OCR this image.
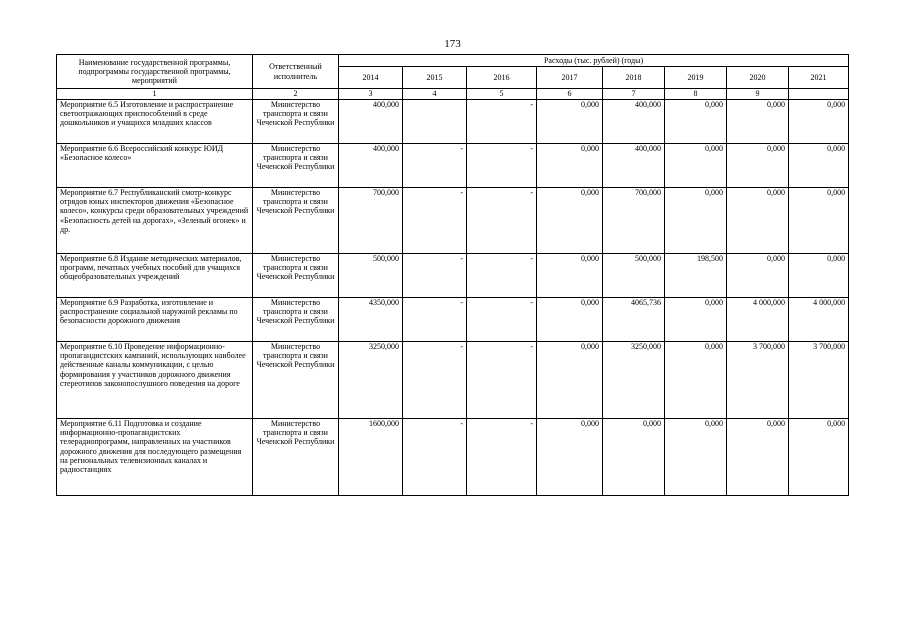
173
Наименование государственной программы, подпрограммы государственной программы, мероприятий	Ответственный исполнитель	Расходы (тыс. рублей) (годы)							
		2014	2015	2016	2017	2018	2019	2020	2021
1	2	3	4	5	6	7	8	9	
Мероприятие 6.5 Изготовление и распространение светоотражающих приспособлений в среде дошкольников и учащихся младших классов	Министерство транспорта и связи Чеченской Республики	400,000		-	0,000	400,000	0,000	0,000	0,000
Мероприятие 6.6 Всероссийский конкурс ЮИД «Безопасное колесо»	Министерство транспорта и связи Чеченской Республики	400,000	-	-	0,000	400,000	0,000	0,000	0,000
Мероприятие 6.7 Республиканский смотр-конкурс отрядов юных инспекторов движения «Безопасное колесо», конкурсы среди образовательных учреждений «Безопасность детей на дорогах», «Зеленый огонек» и др.	Министерство транспорта и связи Чеченской Республики	700,000	-	-	0,000	700,000	0,000	0,000	0,000
Мероприятие 6.8 Издание методических материалов, программ, печатных учебных пособий для учащихся общеобразовательных учреждений	Министерство транспорта и связи Чеченской Республики	500,000	-	-	0,000	500,000	198,500	0,000	0,000
Мероприятие 6.9 Разработка, изготовление и распространение социальной наружной рекламы по безопасности дорожного движения	Министерство транспорта и связи Чеченской Республики	4350,000	-	-	0,000	4065,736	0,000	4 000,000	4 000,000
Мероприятие 6.10 Проведение информационно-пропагандистских кампаний, использующих наиболее действенные каналы коммуникации, с целью формирования у участников дорожного движения стереотипов законопослушного поведения на дороге	Министерство транспорта и связи Чеченской Республики	3250,000	-	-	0,000	3250,000	0,000	3 700,000	3 700,000
Мероприятие 6.11 Подготовка и создание информационно-пропагандистских телерадиопрограмм, направленных на участников дорожного движения для последующего размещения на региональных телевизионных каналах и радиостанциях	Министерство транспорта и связи Чеченской Республики	1600,000	-	-	0,000	0,000	0,000	0,000	0,000
